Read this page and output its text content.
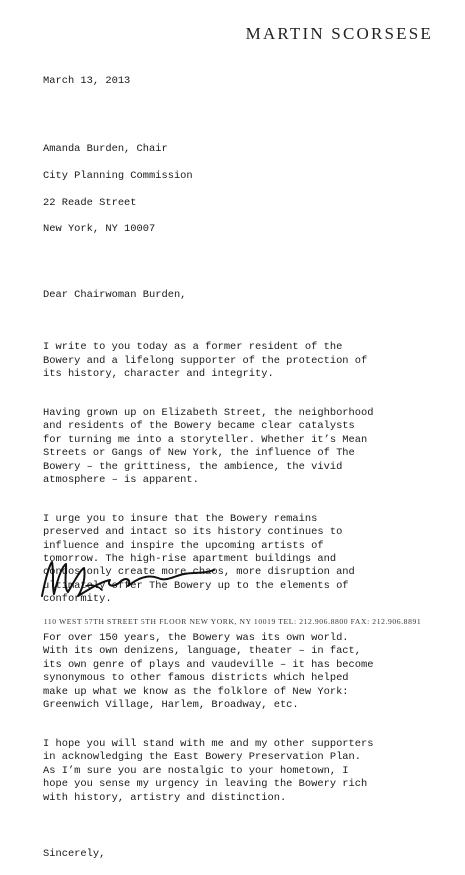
MARTIN SCORSESE

March 13, 2013

Amanda Burden, Chair

City Planning Commission

22 Reade Street

New York, NY 10007

Dear Chairwoman Burden,

I write to you today as a former resident of the
Bowery and a lifelong supporter of the protection of
its history, character and integrity.

Having grown up on Elizabeth Street, the neighborhood
and residents of the Bowery became clear catalysts
for turning me into a storyteller. Whether it’s Mean
Streets or Gangs of New York, the influence of The
Bowery – the grittiness, the ambience, the vivid
atmosphere – is apparent.

I urge you to insure that the Bowery remains
preserved and intact so its history continues to
influence and inspire the upcoming artists of
tomorrow. The high-rise apartment buildings and
condos only create more chaos, more disruption and
ultimately offer The Bowery up to the elements of
conformity.

For over 150 years, the Bowery was its own world.
With its own denizens, language, theater – in fact,
its own genre of plays and vaudeville – it has become
synonymous to other famous districts which helped
make up what we know as the folklore of New York:
Greenwich Village, Harlem, Broadway, etc.

I hope you will stand with me and my other supporters
in acknowledging the East Bowery Preservation Plan.
As I’m sure you are nostalgic to your hometown, I
hope you sense my urgency in leaving the Bowery rich
with history, artistry and distinction.

Sincerely,

110 WEST 57TH STREET 5TH FLOOR NEW YORK, NY 10019 TEL: 212.906.8800 FAX: 212.906.8891
